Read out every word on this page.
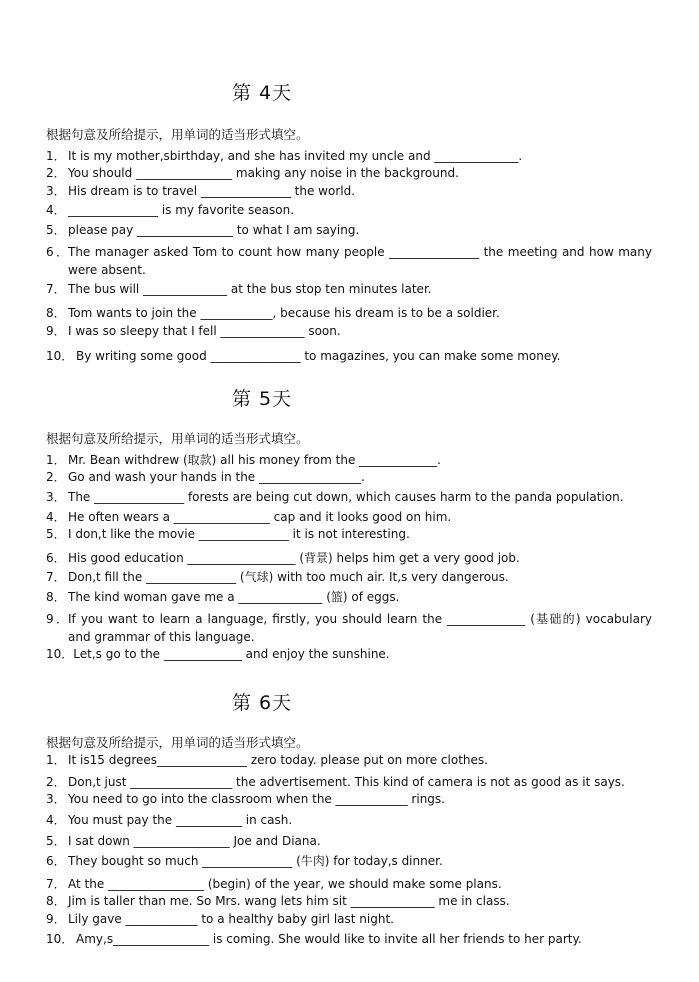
第 4天
根据句意及所给提示，用单词的适当形式填空。
1． It is my mother,sbirthday, and she has invited my uncle and ______________.
2． You should ________________ making any noise in the background.
3． His dream is to travel _______________ the world.
4． _______________ is my favorite season.
5． please pay ________________ to what I am saying.
6．The manager asked Tom to count how many people _______________ the meeting and how many
were absent.
7． The bus will ______________ at the bus stop ten minutes later.
8． Tom wants to join the ____________, because his dream is to be a soldier.
9． I was so sleepy that I fell ______________ soon.
10． By writing some good _______________ to magazines, you can make some money.
第 5天
根据句意及所给提示，用单词的适当形式填空。
1． Mr. Bean withdrew (取款) all his money from the _____________.
2． Go and wash your hands in the _________________.
3． The _______________ forests are being cut down, which causes harm to the panda population.
4． He often wears a ________________ cap and it looks good on him.
5． I don,t like the movie _______________ it is not interesting.
6． His good education __________________ (背景) helps him get a very good job.
7． Don,t fill the _______________ (气球) with too much air. It,s very dangerous.
8． The kind woman gave me a ______________ (篮) of eggs.
9．If you want to learn a language, firstly, you should learn the _____________ (基础的) vocabulary
and grammar of this language.
10．Let,s go to the _____________ and enjoy the sunshine.
第 6天
根据句意及所给提示，用单词的适当形式填空。
1． It is15 degrees_______________ zero today. please put on more clothes.
2． Don,t just _________________ the advertisement. This kind of camera is not as good as it says.
3． You need to go into the classroom when the ____________ rings.
4． You must pay the ___________ in cash.
5． I sat down ________________ Joe and Diana.
6． They bought so much _______________ (牛肉) for today,s dinner.
7． At the ________________ (begin) of the year, we should make some plans.
8． Jim is taller than me. So Mrs. wang lets him sit ______________ me in class.
9． Lily gave ____________ to a healthy baby girl last night.
10． Amy,s________________ is coming. She would like to invite all her friends to her party.
